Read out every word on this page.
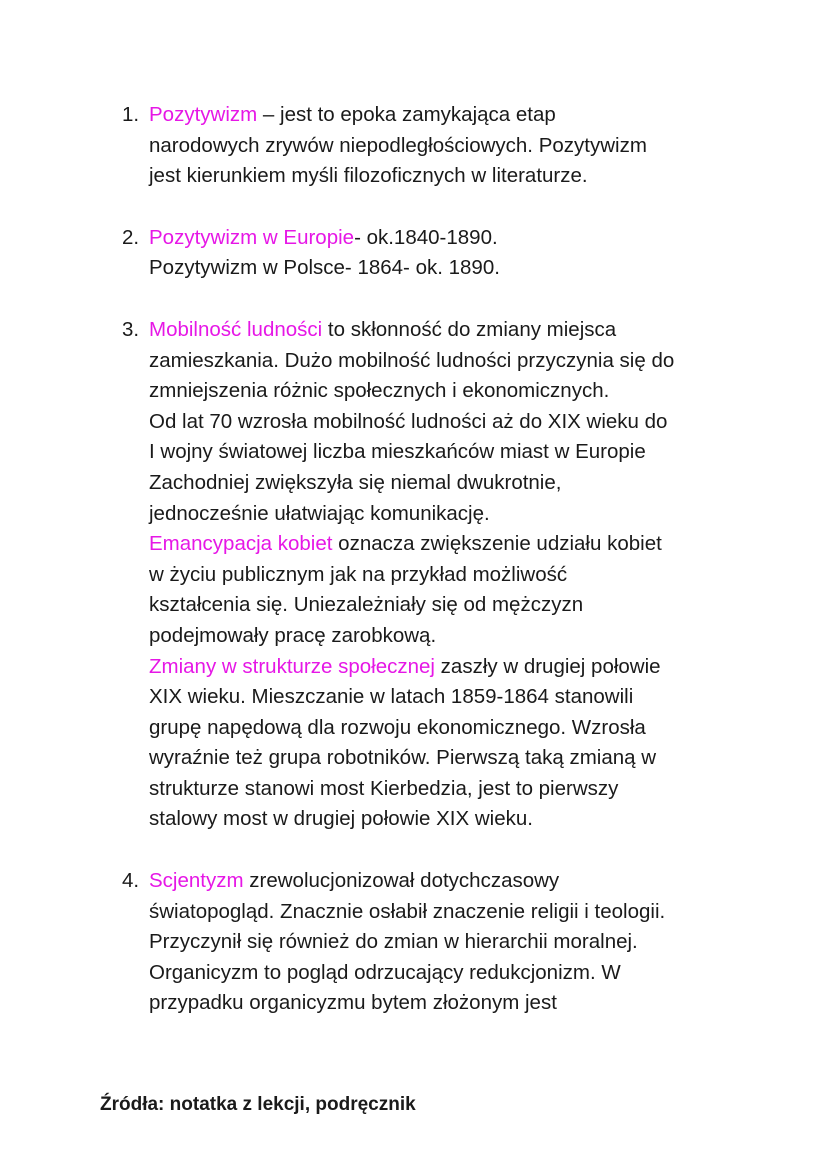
1. Pozytywizm – jest to epoka zamykająca etap
narodowych zrywów niepodległościowych. Pozytywizm
jest kierunkiem myśli filozoficznych w literaturze.
2. Pozytywizm w Europie- ok.1840-1890.
Pozytywizm w Polsce- 1864- ok. 1890.
3. Mobilność ludności to skłonność do zmiany miejsca
zamieszkania. Dużo mobilność ludności przyczynia się do
zmniejszenia różnic społecznych i ekonomicznych.
Od lat 70 wzrosła mobilność ludności aż do XIX wieku do
I wojny światowej liczba mieszkańców miast w Europie
Zachodniej zwiększyła się niemal dwukrotnie,
jednocześnie ułatwiając komunikację.
Emancypacja kobiet oznacza zwiększenie udziału kobiet
w życiu publicznym jak na przykład możliwość
kształcenia się. Uniezależniały się od mężczyzn
podejmowały pracę zarobkową.
Zmiany w strukturze społecznej zaszły w drugiej połowie
XIX wieku. Mieszczanie w latach 1859-1864 stanowili
grupę napędową dla rozwoju ekonomicznego. Wzrosła
wyraźnie też grupa robotników. Pierwszą taką zmianą w
strukturze stanowi most Kierbedzia, jest to pierwszy
stalowy most w drugiej połowie XIX wieku.
4. Scjentyzm zrewolucjonizował dotychczasowy
światopogląd. Znacznie osłabił znaczenie religii i teologii.
Przyczynił się również do zmian w hierarchii moralnej.
Organicyzm to pogląd odrzucający redukcjonizm. W
przypadku organicyzmu bytem złożonym jest
Źródła: notatka z lekcji, podręcznik
